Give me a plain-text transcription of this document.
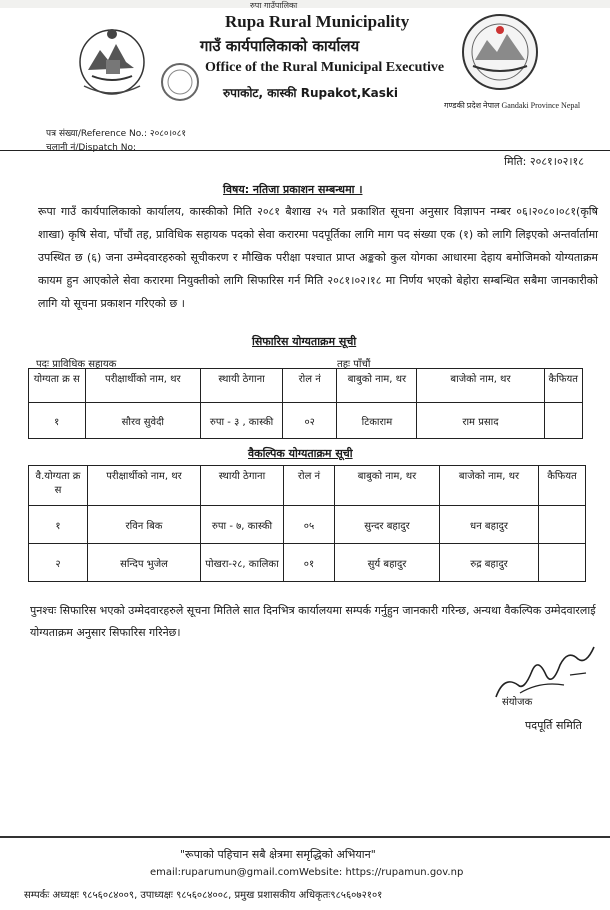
रुपा गाउँपालिका
Rupa Rural Municipality
गाउँ कार्यपालिकाको कार्यालय
Office of the Rural Municipal Executive
रुपाकोट, कास्की Rupakot,Kaski
गण्डकी प्रदेश नेपाल Gandaki Province Nepal
पत्र संख्या/Reference No.: २०८०।०८१
चलानी नं/Dispatch No:
मिति: २०८१।०२।१८
विषय: नतिजा प्रकाशन सम्बन्धमा ।
रूपा गाउँ कार्यपालिकाको कार्यालय, कास्कीको मिति २०८१ बैशाख २५ गते प्रकाशित सूचना अनुसार विज्ञापन नम्बर ०६।२०८०।०८१(कृषि शाखा) कृषि सेवा, पाँचौं तह, प्राविधिक सहायक पदको सेवा करारमा पदपूर्तिका लागि माग पद संख्या एक (१) को लागि लिइएको अन्तर्वार्तामा उपस्थित छ (६) जना उम्मेदवारहरुको सूचीकरण र मौखिक परीक्षा पश्चात प्राप्त अङ्कको कुल योगका आधारमा देहाय बमोजिमको योग्यताक्रम कायम हुन आएकोले सेवा करारमा नियुक्तीको लागि सिफारिस गर्न मिति २०८१।०२।१८ मा निर्णय भएको बेहोरा सम्बन्धित सबैमा जानकारीको लागि यो सूचना प्रकाशन गरिएको छ ।
सिफारिस योग्यताक्रम सूची
पदः प्राविधिक सहायक	तहः पाँचौं
योग्यता क्र स	परीक्षार्थीको नाम, थर	स्थायी ठेगाना	रोल नं	बाबुको नाम, थर	बाजेको नाम, थर	कैफियत
१	सौरव सुवेदी	रुपा - ३ , कास्की	०२	टिकाराम	राम प्रसाद	
वैकल्पिक योग्यताक्रम सूची
वै.योग्यता क्र स	परीक्षार्थीको नाम, थर	स्थायी ठेगाना	रोल नं	बाबुको नाम, थर	बाजेको नाम, थर	कैफियत
१	रविन बिक	रुपा - ७, कास्की	०५	सुन्दर बहादुर	धन बहादुर	
२	सन्दिप भुजेल	पोखरा-२८, कालिका	०१	सुर्य बहादुर	रुद्र बहादुर	
पुनश्चः सिफारिस भएको उम्मेदवारहरुले सूचना मितिले सात दिनभित्र कार्यालयमा सम्पर्क गर्नुहुन जानकारी गरिन्छ, अन्यथा वैकल्पिक उम्मेदवारलाई योग्यताक्रम अनुसार सिफारिस गरिनेछ।
संयोजक
पदपूर्ति समिति
"रूपाको पहिचान सबै क्षेत्रमा समृद्धिको अभियान"
email:ruparumun@gmail.comWebsite: https://rupamun.gov.np
सम्पर्कः अध्यक्षः ९८५६०८४००९, उपाध्यक्षः ९८५६०८४००८, प्रमुख प्रशासकीय अधिकृतः९८५६०७२१०१
